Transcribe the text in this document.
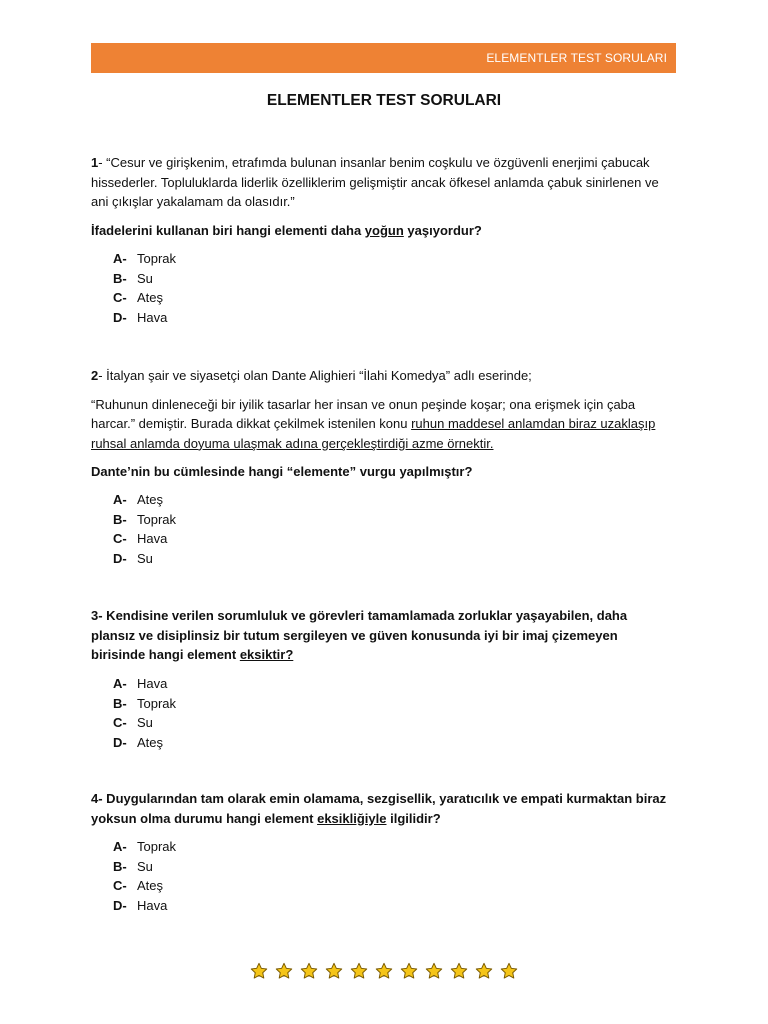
ELEMENTLER TEST SORULARI
ELEMENTLER TEST SORULARI

1- “Cesur ve girişkenim, etrafımda bulunan insanlar benim coşkulu ve özgüvenli enerjimi çabucak hissederler. Topluluklarda liderlik özelliklerim gelişmiştir ancak öfkesel anlamda çabuk sinirlenen ve ani çıkışlar yakalamam da olasıdır.”

İfadelerini kullanan biri hangi elementi daha yoğun yaşıyordur?

A- Toprak
B- Su
C- Ateş
D- Hava

2- İtalyan şair ve siyasetçi olan Dante Alighieri “İlahi Komedya” adlı eserinde;

“Ruhunun dinleneceği bir iyilik tasarlar her insan ve onun peşinde koşar; ona erişmek için çaba harcar.” demiştir. Burada dikkat çekilmek istenilen konu ruhun maddesel anlamdan biraz uzaklaşıp ruhsal anlamda doyuma ulaşmak adına gerçekleştirdiği azme örnektir.

Dante’nin bu cümlesinde hangi “elemente” vurgu yapılmıştır?

A- Ateş
B- Toprak
C- Hava
D- Su

3- Kendisine verilen sorumluluk ve görevleri tamamlamada zorluklar yaşayabilen, daha plansız ve disiplinsiz bir tutum sergileyen ve güven konusunda iyi bir imaj çizemeyen birisinde hangi element eksiktir?

A- Hava
B- Toprak
C- Su
D- Ateş

4- Duygularından tam olarak emin olamama, sezgisellik, yaratıcılık ve empati kurmaktan biraz yoksun olma durumu hangi element eksikliğiyle ilgilidir?

A- Toprak
B- Su
C- Ateş
D- Hava
